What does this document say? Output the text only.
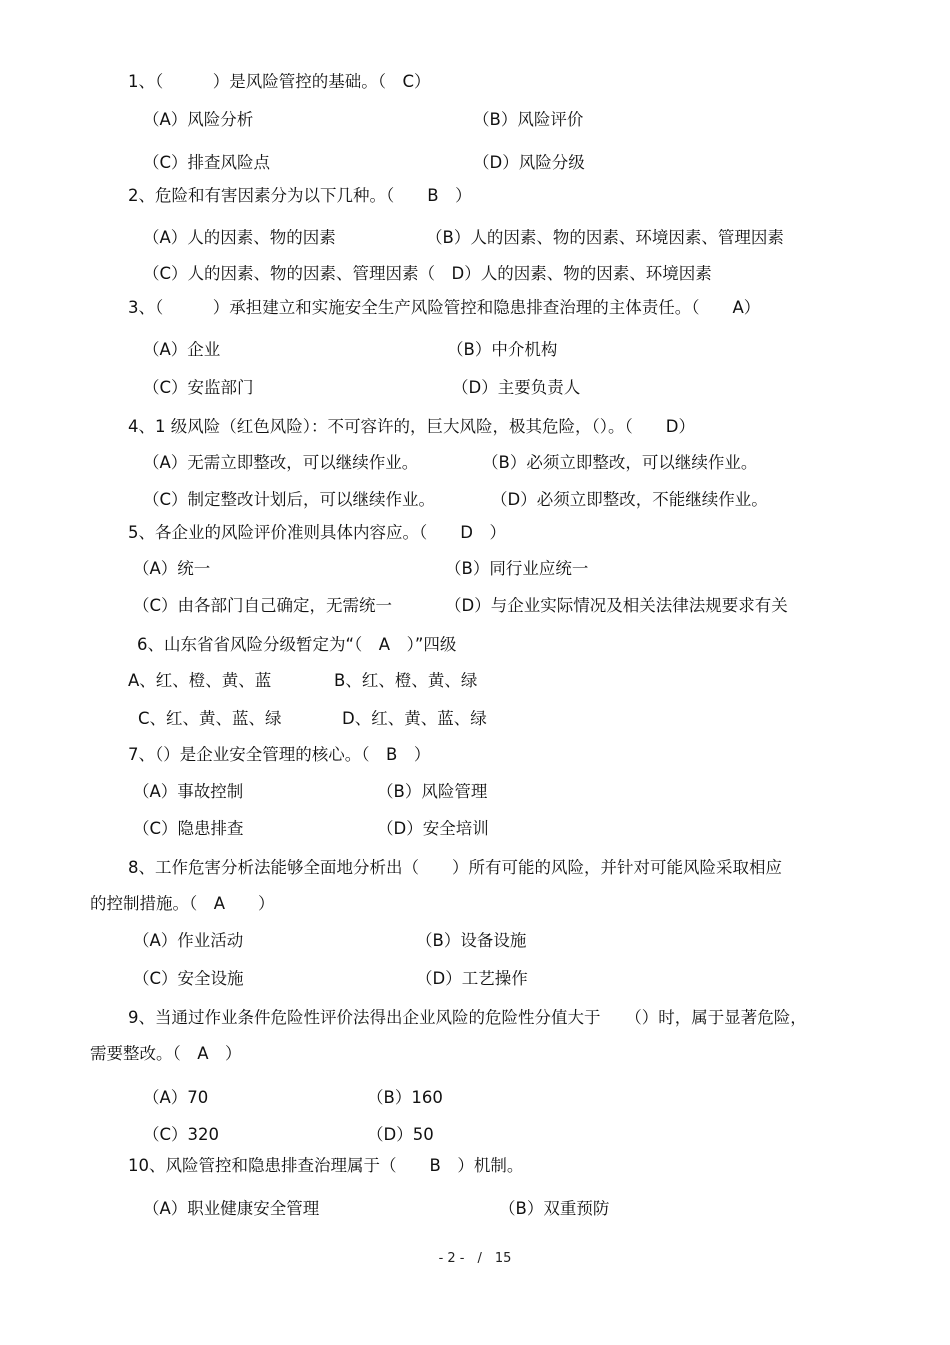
1、（　　　）是风险管控的基础。（　C）
（A）风险分析	（B）风险评价
（C）排查风险点	（D）风险分级
2、危险和有害因素分为以下几种。（　　B　）
（A）人的因素、物的因素	（B）人的因素、物的因素、环境因素、管理因素
（C）人的因素、物的因素、管理因素（　D）人的因素、物的因素、环境因素
3、（　　　）承担建立和实施安全生产风险管控和隐患排查治理的主体责任。（　　A）
（A）企业	（B）中介机构
（C）安监部门	（D）主要负责人
4、1 级风险（红色风险）：不可容许的，巨大风险，极其危险，（）。（　　D）
（A）无需立即整改，可以继续作业。	（B）必须立即整改，可以继续作业。
（C）制定整改计划后，可以继续作业。	（D）必须立即整改，不能继续作业。
5、各企业的风险评价准则具体内容应。（　　D　）
（A）统一	（B）同行业应统一
（C）由各部门自己确定，无需统一	（D）与企业实际情况及相关法律法规要求有关
6、山东省省风险分级暂定为“（　A　）”四级
A、红、橙、黄、蓝	B、红、橙、黄、绿
C、红、黄、蓝、绿	D、红、黄、蓝、绿
7、（）是企业安全管理的核心。（　B　）
（A）事故控制	（B）风险管理
（C）隐患排查	（D）安全培训
8、工作危害分析法能够全面地分析出（　　）所有可能的风险，并针对可能风险采取相应
的控制措施。（　A　　）
（A）作业活动	（B）设备设施
（C）安全设施	（D）工艺操作
9、当通过作业条件危险性评价法得出企业风险的危险性分值大于　　（）时，属于显著危险，
需要整改。（　A　）
（A）70	（B）160
（C）320	（D）50
10、风险管控和隐患排查治理属于（　　B　）机制。
（A）职业健康安全管理	（B）双重预防
- 2 -　/　15
